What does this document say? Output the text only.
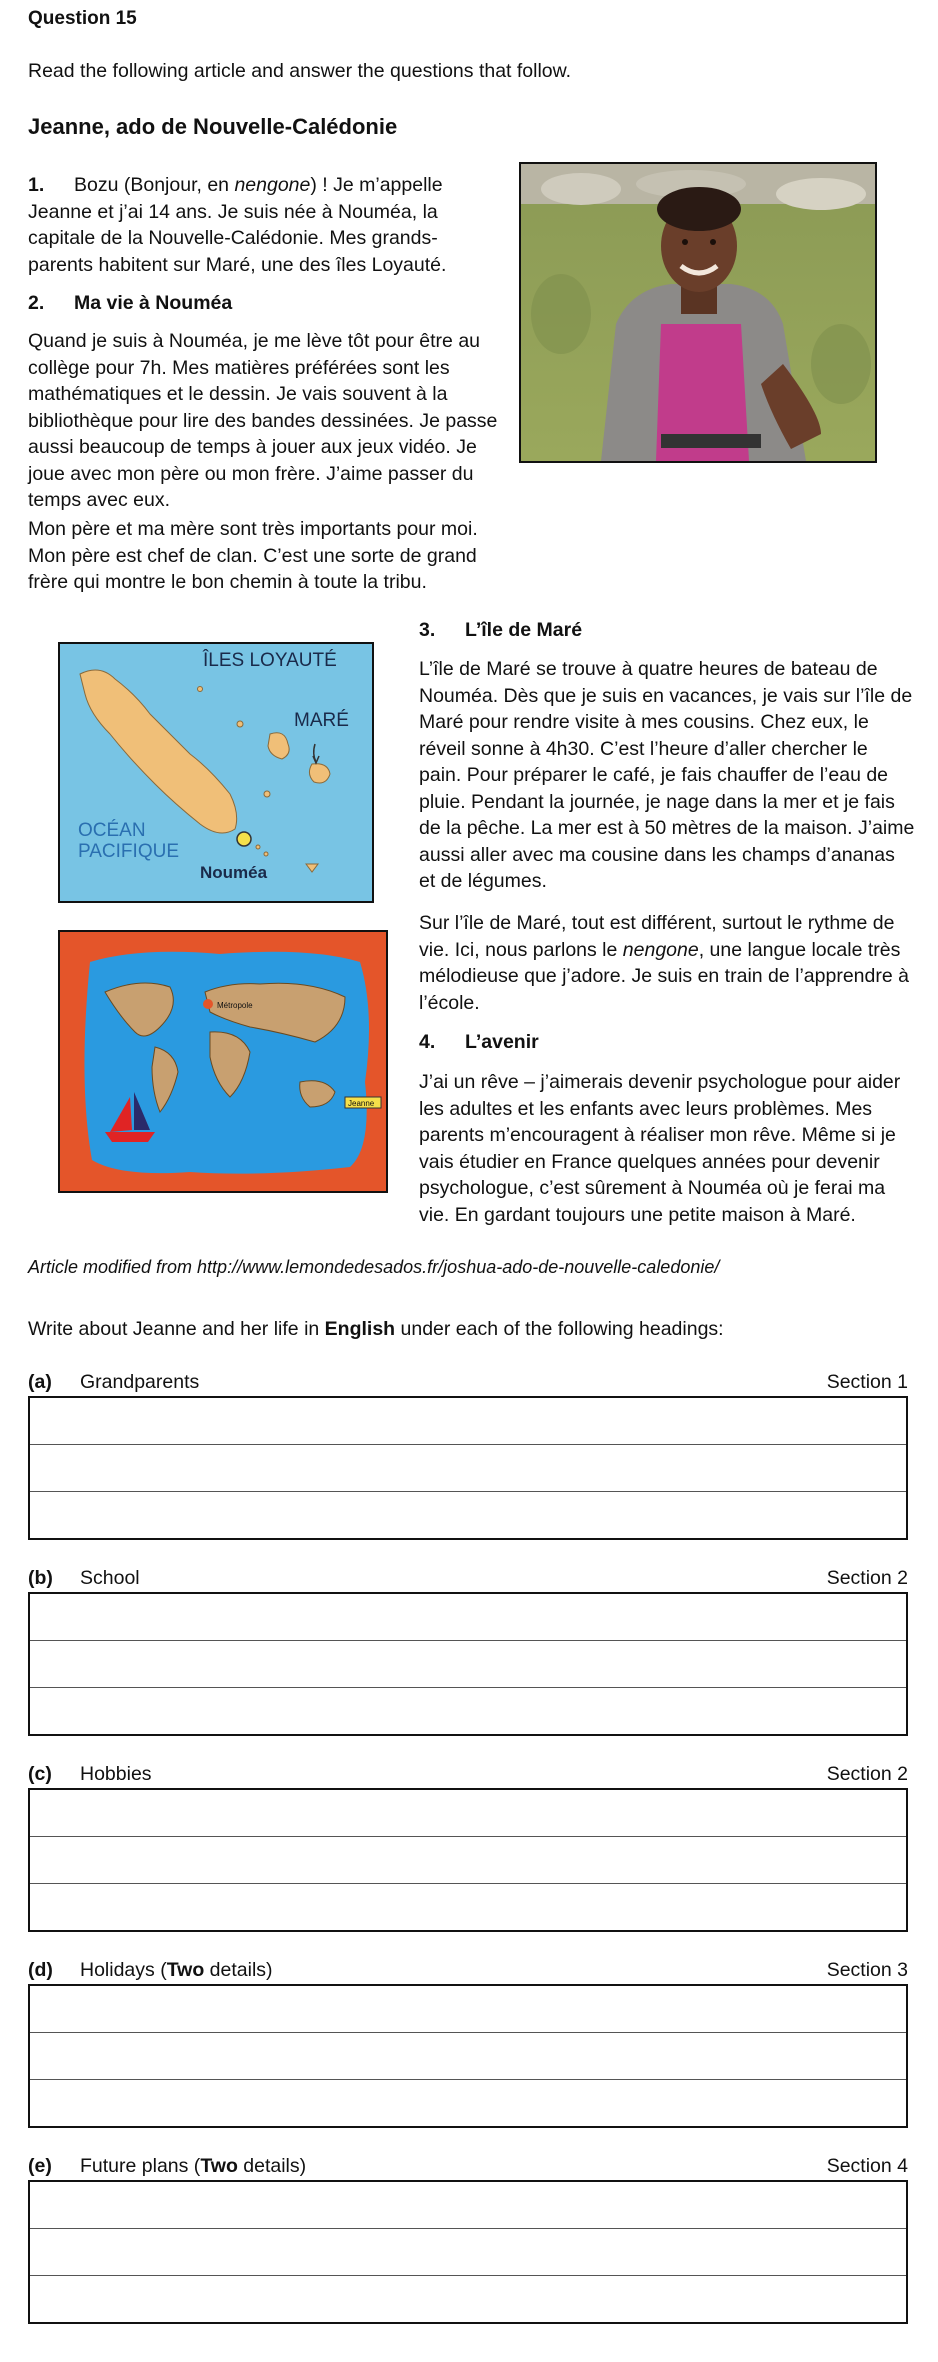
Question 15
Read the following article and answer the questions that follow.
Jeanne, ado de Nouvelle-Calédonie
1. Bozu (Bonjour, en nengone) ! Je m’appelle Jeanne et j’ai 14 ans. Je suis née à Nouméa, la capitale de la Nouvelle-Calédonie. Mes grands-parents habitent sur Maré, une des îles Loyauté.
2. Ma vie à Nouméa
Quand je suis à Nouméa, je me lève tôt pour être au collège pour 7h. Mes matières préférées sont les mathématiques et le dessin. Je vais souvent à la bibliothèque pour lire des bandes dessinées. Je passe aussi beaucoup de temps à jouer aux jeux vidéo. Je joue avec mon père ou mon frère. J’aime passer du temps avec eux.
Mon père et ma mère sont très importants pour moi. Mon père est chef de clan. C’est une sorte de grand frère qui montre le bon chemin à toute la tribu.
ÎLES LOYAUTÉ
MARÉ
OCÉAN
PACIFIQUE
Nouméa
Métropole
Jeanne
3. L’île de Maré
L’île de Maré se trouve à quatre heures de bateau de Nouméa. Dès que je suis en vacances, je vais sur l’île de Maré pour rendre visite à mes cousins. Chez eux, le réveil sonne à 4h30. C’est l’heure d’aller chercher le pain. Pour préparer le café, je fais chauffer de l’eau de pluie. Pendant la journée, je nage dans la mer et je fais de la pêche. La mer est à 50 mètres de la maison. J’aime aussi aller avec ma cousine dans les champs d’ananas et de légumes.
Sur l’île de Maré, tout est différent, surtout le rythme de vie. Ici, nous parlons le nengone, une langue locale très mélodieuse que j’adore. Je suis en train de l’apprendre à l’école.
4. L’avenir
J’ai un rêve – j’aimerais devenir psychologue pour aider les adultes et les enfants avec leurs problèmes. Mes parents m’encouragent à réaliser mon rêve. Même si je vais étudier en France quelques années pour devenir psychologue, c’est sûrement à Nouméa où je ferai ma vie. En gardant toujours une petite maison à Maré.
Article modified from http://www.lemondedesados.fr/joshua-ado-de-nouvelle-caledonie/
Write about Jeanne and her life in English under each of the following headings:
(a) Grandparents	Section 1
(b) School	Section 2
(c) Hobbies	Section 2
(d) Holidays (Two details)	Section 3
(e) Future plans (Two details)	Section 4
